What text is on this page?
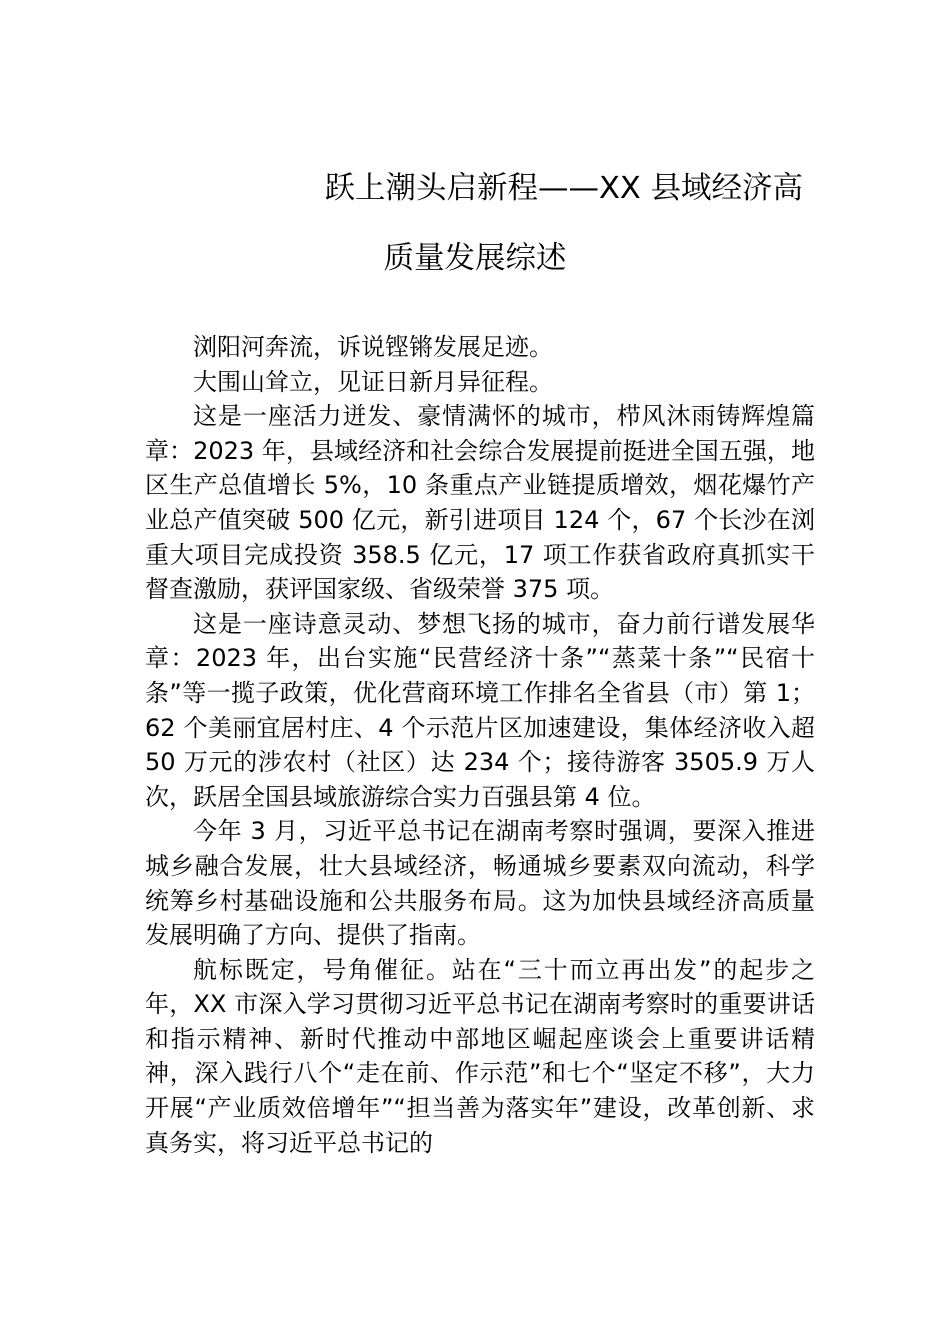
跃上潮头启新程——XX 县域经济高
质量发展综述

浏阳河奔流，诉说铿锵发展足迹。

大围山耸立，见证日新月异征程。

这是一座活力迸发、豪情满怀的城市，栉风沐雨铸辉煌篇章：2023 年，县域经济和社会综合发展提前挺进全国五强，地区生产总值增长 5%，10 条重点产业链提质增效，烟花爆竹产业总产值突破 500 亿元，新引进项目 124 个，67 个长沙在浏重大项目完成投资 358.5 亿元，17 项工作获省政府真抓实干督查激励，获评国家级、省级荣誉 375 项。

这是一座诗意灵动、梦想飞扬的城市，奋力前行谱发展华章：2023 年，出台实施“民营经济十条”“蒸菜十条”“民宿十条”等一揽子政策，优化营商环境工作排名全省县（市）第 1；62 个美丽宜居村庄、4 个示范片区加速建设，集体经济收入超 50 万元的涉农村（社区）达 234 个；接待游客 3505.9 万人次，跃居全国县域旅游综合实力百强县第 4 位。

今年 3 月，习近平总书记在湖南考察时强调，要深入推进城乡融合发展，壮大县域经济，畅通城乡要素双向流动，科学统筹乡村基础设施和公共服务布局。这为加快县域经济高质量发展明确了方向、提供了指南。

航标既定，号角催征。站在“三十而立再出发”的起步之年，XX 市深入学习贯彻习近平总书记在湖南考察时的重要讲话和指示精神、新时代推动中部地区崛起座谈会上重要讲话精神，深入践行八个“走在前、作示范”和七个“坚定不移”，大力开展“产业质效倍增年”“担当善为落实年”建设，改革创新、求真务实，将习近平总书记的
